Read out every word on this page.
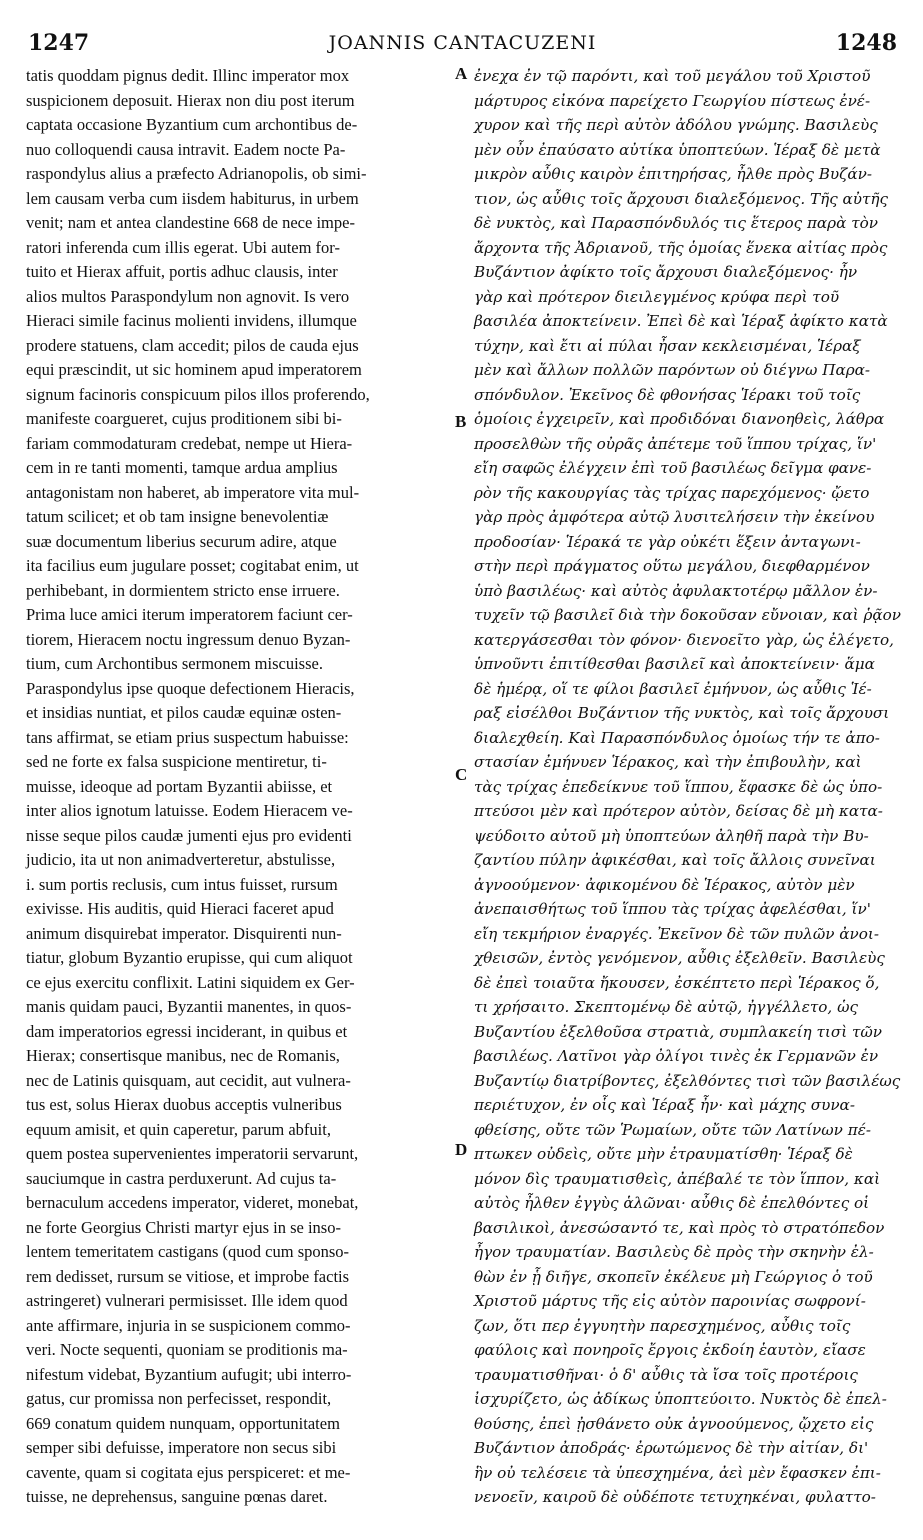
1247	JOANNIS CANTACUZENI	1248
tatis quoddam pignus dedit. Illinc imperator mox
suspicionem deposuit. Hierax non diu post iterum
captata occasione Byzantium cum archontibus de-
nuo colloquendi causa intravit. Eadem nocte Pa-
raspondylus alius a præfecto Adrianopolis, ob simi-
lem causam verba cum iisdem habiturus, in urbem
venit; nam et antea clandestine 668 de nece impe-
ratori inferenda cum illis egerat. Ubi autem for-
tuito et Hierax affuit, portis adhuc clausis, inter
alios multos Paraspondylum non agnovit. Is vero
Hieraci simile facinus molienti invidens, illumque
prodere statuens, clam accedit; pilos de cauda ejus
equi præscindit, ut sic hominem apud imperatorem
signum facinoris conspicuum pilos illos proferendo,
manifeste coargueret, cujus proditionem sibi bi-
fariam commodaturam credebat, nempe ut Hiera-
cem in re tanti momenti, tamque ardua amplius
antagonistam non haberet, ab imperatore vita mul-
tatum scilicet; et ob tam insigne benevolentiæ
suæ documentum liberius securum adire, atque
ita facilius eum jugulare posset; cogitabat enim, ut
perhibebant, in dormientem stricto ense irruere.
Prima luce amici iterum imperatorem faciunt cer-
tiorem, Hieracem noctu ingressum denuo Byzan-
tium, cum Archontibus sermonem miscuisse.
Paraspondylus ipse quoque defectionem Hieracis,
et insidias nuntiat, et pilos caudæ equinæ osten-
tans affirmat, se etiam prius suspectum habuisse:
sed ne forte ex falsa suspicione mentiretur, ti-
muisse, ideoque ad portam Byzantii abiisse, et
inter alios ignotum latuisse. Eodem Hieracem ve-
nisse seque pilos caudæ jumenti ejus pro evidenti
judicio, ita ut non animadverteretur, abstulisse,
i. sum portis reclusis, cum intus fuisset, rursum
exivisse. His auditis, quid Hieraci faceret apud
animum disquirebat imperator. Disquirenti nun-
tiatur, globum Byzantio erupisse, qui cum aliquot
ce ejus exercitu conflixit. Latini siquidem ex Ger-
manis quidam pauci, Byzantii manentes, in quos-
dam imperatorios egressi inciderant, in quibus et
Hierax; consertisque manibus, nec de Romanis,
nec de Latinis quisquam, aut cecidit, aut vulnera-
tus est, solus Hierax duobus acceptis vulneribus
equum amisit, et quin caperetur, parum abfuit,
quem postea supervenientes imperatorii servarunt,
sauciumque in castra perduxerunt. Ad cujus ta-
bernaculum accedens imperator, videret, monebat,
ne forte Georgius Christi martyr ejus in se inso-
lentem temeritatem castigans (quod cum sponso-
rem dedisset, rursum se vitiose, et improbe factis
astringeret) vulnerari permisisset. Ille idem quod
ante affirmare, injuria in se suspicionem commo-
veri. Nocte sequenti, quoniam se proditionis ma-
nifestum videbat, Byzantium aufugit; ubi interro-
gatus, cur promissa non perfecisset, respondit,
669 conatum quidem nunquam, opportunitatem
semper sibi defuisse, imperatore non secus sibi
cavente, quam si cogitata ejus perspiceret: et me-
tuisse, ne deprehensus, sanguine pœnas daret.
ἐνεχα ἐν τῷ παρόντι, καὶ τοῦ μεγάλου τοῦ Χριστοῦ
μάρτυρος εἰκόνα παρείχετο Γεωργίου πίστεως ἐνέ-
χυρον καὶ τῆς περὶ αὐτὸν ἀδόλου γνώμης. Βασιλεὺς
μὲν οὖν ἐπαύσατο αὐτίκα ὑποπτεύων. Ἱέραξ δὲ μετὰ
μικρὸν αὖθις καιρὸν ἐπιτηρήσας, ἦλθε πρὸς Βυζάν-
τιον, ὡς αὖθις τοῖς ἄρχουσι διαλεξόμενος. Τῆς αὐτῆς
δὲ νυκτὸς, καὶ Παρασπόνδυλός τις ἕτερος παρὰ τὸν
ἄρχοντα τῆς Ἀδριανοῦ, τῆς ὁμοίας ἕνεκα αἰτίας πρὸς
Βυζάντιον ἀφίκτο τοῖς ἄρχουσι διαλεξόμενος· ἦν
γὰρ καὶ πρότερον διειλεγμένος κρύφα περὶ τοῦ
βασιλέα ἀποκτείνειν. Ἐπεὶ δὲ καὶ Ἱέραξ ἀφίκτο κατὰ
τύχην, καὶ ἔτι αἱ πύλαι ἦσαν κεκλεισμέναι, Ἱέραξ
μὲν καὶ ἄλλων πολλῶν παρόντων οὐ διέγνω Παρα-
σπόνδυλον. Ἐκεῖνος δὲ φθονήσας Ἱέρακι τοῦ τοῖς
ὁμοίοις ἐγχειρεῖν, καὶ προδιδόναι διανοηθεὶς, λάθρα
προσελθὼν τῆς οὐρᾶς ἀπέτεμε τοῦ ἵππου τρίχας, ἵν'
εἴη σαφῶς ἐλέγχειν ἐπὶ τοῦ βασιλέως δεῖγμα φανε-
ρὸν τῆς κακουργίας τὰς τρίχας παρεχόμενος· ᾤετο
γὰρ πρὸς ἀμφότερα αὐτῷ λυσιτελήσειν τὴν ἐκείνου
προδοσίαν· Ἱέρακά τε γὰρ οὐκέτι ἕξειν ἀνταγωνι-
στὴν περὶ πράγματος οὕτω μεγάλου, διεφθαρμένον
ὑπὸ βασιλέως· καὶ αὐτὸς ἀφυλακτοτέρῳ μᾶλλον ἐν-
τυχεῖν τῷ βασιλεῖ διὰ τὴν δοκοῦσαν εὔνοιαν, καὶ ῥᾷον
κατεργάσεσθαι τὸν φόνον· διενοεῖτο γὰρ, ὡς ἐλέγετο,
ὑπνοῦντι ἐπιτίθεσθαι βασιλεῖ καὶ ἀποκτείνειν· ἅμα
δὲ ἡμέρᾳ, οἵ τε φίλοι βασιλεῖ ἐμήνυον, ὡς αὖθις Ἱέ-
ραξ εἰσέλθοι Βυζάντιον τῆς νυκτὸς, καὶ τοῖς ἄρχουσι
διαλεχθείη. Καὶ Παρασπόνδυλος ὁμοίως τήν τε ἀπο-
στασίαν ἐμήνυεν Ἱέρακος, καὶ τὴν ἐπιβουλὴν, καὶ
τὰς τρίχας ἐπεδείκνυε τοῦ ἵππου, ἔφασκε δὲ ὡς ὑπο-
πτεύσοι μὲν καὶ πρότερον αὐτὸν, δείσας δὲ μὴ κατα-
ψεύδοιτο αὐτοῦ μὴ ὑποπτεύων ἀληθῆ παρὰ τὴν Βυ-
ζαντίου πύλην ἀφικέσθαι, καὶ τοῖς ἄλλοις συνεῖναι
ἀγνοούμενον· ἀφικομένου δὲ Ἱέρακος, αὐτὸν μὲν
ἀνεπαισθήτως τοῦ ἵππου τὰς τρίχας ἀφελέσθαι, ἵν'
εἴη τεκμήριον ἐναργές. Ἐκεῖνον δὲ τῶν πυλῶν ἀνοι-
χθεισῶν, ἐντὸς γενόμενον, αὖθις ἐξελθεῖν. Βασιλεὺς
δὲ ἐπεὶ τοιαῦτα ἤκουσεν, ἐσκέπτετο περὶ Ἱέρακος ὅ,
τι χρήσαιτο. Σκεπτομένῳ δὲ αὐτῷ, ἠγγέλλετο, ὡς
Βυζαντίου ἐξελθοῦσα στρατιὰ, συμπλακείη τισὶ τῶν
βασιλέως. Λατῖνοι γὰρ ὀλίγοι τινὲς ἐκ Γερμανῶν ἐν
Βυζαντίῳ διατρίβοντες, ἐξελθόντες τισὶ τῶν βασιλέως
περιέτυχον, ἐν οἷς καὶ Ἱέραξ ἦν· καὶ μάχης συνα-
φθείσης, οὔτε τῶν Ῥωμαίων, οὔτε τῶν Λατίνων πέ-
πτωκεν οὐδεὶς, οὔτε μὴν ἐτραυματίσθη· Ἱέραξ δὲ
μόνον δὶς τραυματισθεὶς, ἀπέβαλέ τε τὸν ἵππον, καὶ
αὐτὸς ἦλθεν ἐγγὺς ἁλῶναι· αὖθις δὲ ἐπελθόντες οἱ
βασιλικοὶ, ἀνεσώσαντό τε, καὶ πρὸς τὸ στρατόπεδον
ἦγον τραυματίαν. Βασιλεὺς δὲ πρὸς τὴν σκηνὴν ἐλ-
θὼν ἐν ᾗ διῆγε, σκοπεῖν ἐκέλευε μὴ Γεώργιος ὁ τοῦ
Χριστοῦ μάρτυς τῆς εἰς αὐτὸν παροινίας σωφρονί-
ζων, ὅτι περ ἐγγυητὴν παρεσχημένος, αὖθις τοῖς
φαύλοις καὶ πονηροῖς ἔργοις ἐκδοίη ἑαυτὸν, εἴασε
τραυματισθῆναι· ὁ δ' αὖθις τὰ ἴσα τοῖς προτέροις
ἰσχυρίζετο, ὡς ἀδίκως ὑποπτεύοιτο. Νυκτὸς δὲ ἐπελ-
θούσης, ἐπεὶ ᾐσθάνετο οὐκ ἀγνοούμενος, ᾤχετο εἰς
Βυζάντιον ἀποδράς· ἐρωτώμενος δὲ τὴν αἰτίαν, δι'
ἣν οὐ τελέσειε τὰ ὑπεσχημένα, ἀεὶ μὲν ἔφασκεν ἐπι-
νενοεῖν, καιροῦ δὲ οὐδέποτε τετυχηκέναι, φυλαττο-
A
B
C
D
